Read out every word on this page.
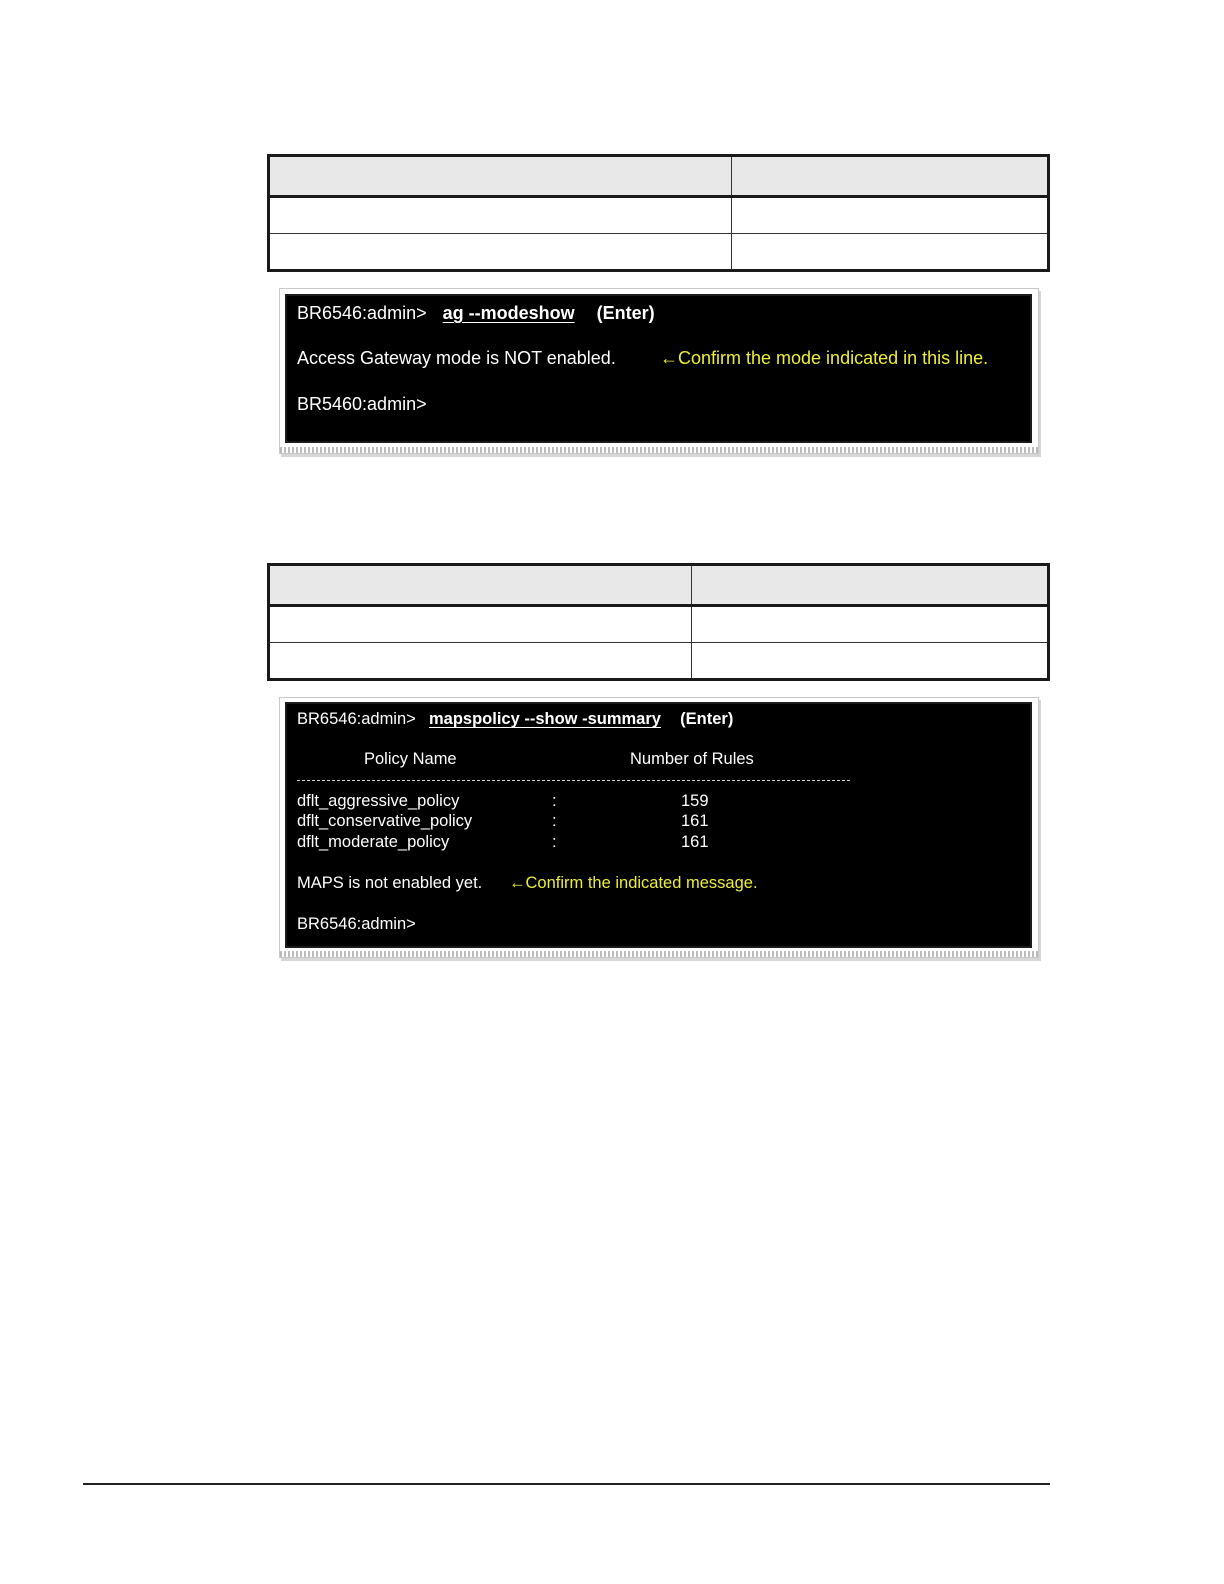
BR6546:admin> ag --modeshow (Enter)
Access Gateway mode is NOT enabled. ←Confirm the mode indicated in this line.
BR5460:admin>

BR6546:admin> mapspolicy --show -summary (Enter)
Policy Name	Number of Rules
dflt_aggressive_policy	:	159
dflt_conservative_policy	:	161
dflt_moderate_policy	:	161
MAPS is not enabled yet. ←Confirm the indicated message.
BR6546:admin>
